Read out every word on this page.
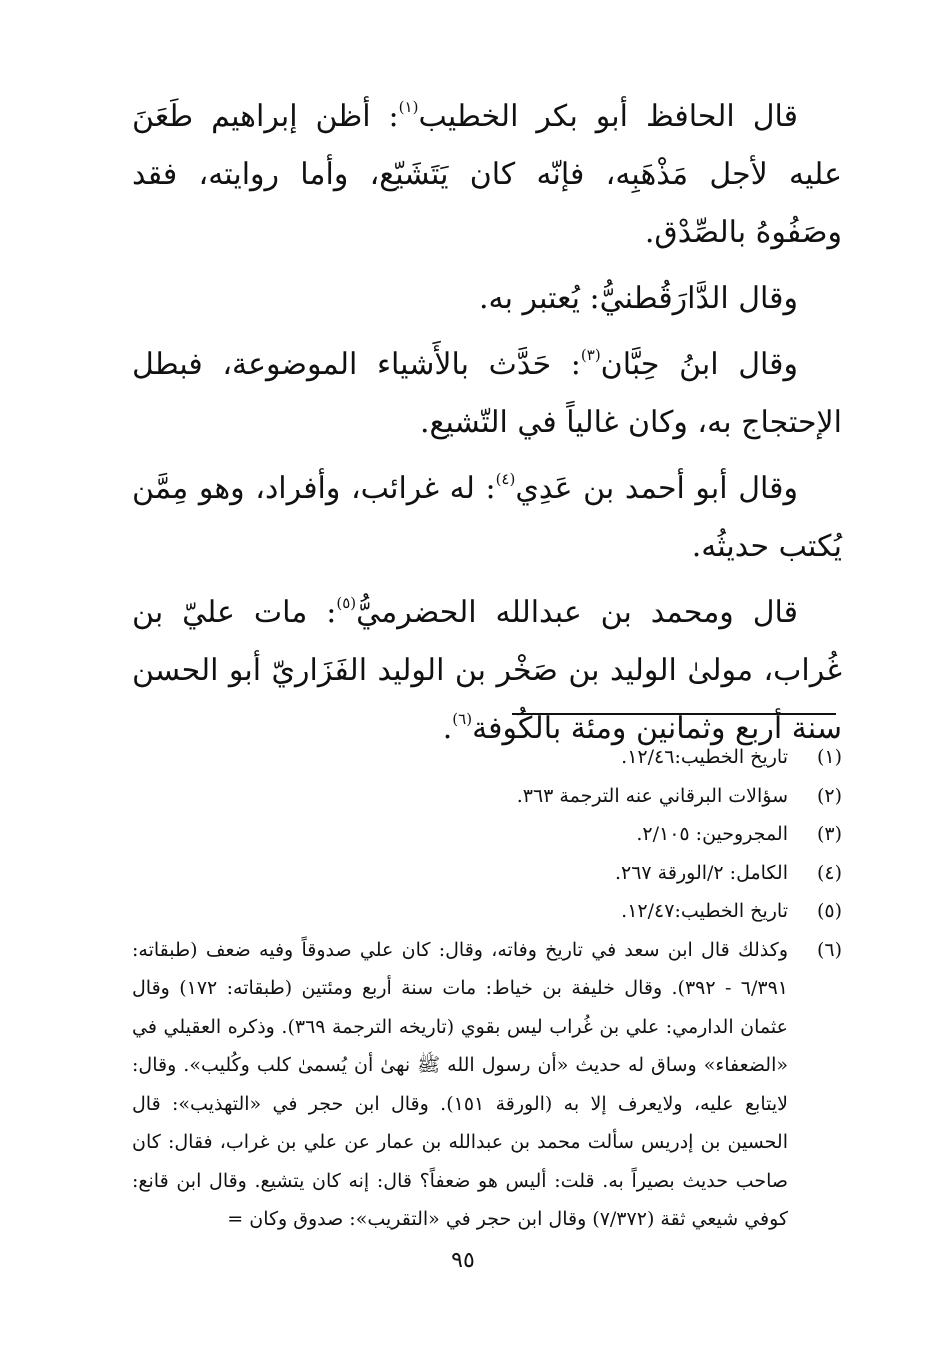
قال الحافظ أبو بكر الخطيب$^{(١)}$: أظن إبراهيم طَعَنَ عليه لأجل مَذْهَبِه، فإنّه كان يَتَشَيّع، وأما روايته، فقد وصَفُوهُ بالصِّدْق.

وقال الدَّارَقُطنيُّ: يُعتبر به.

وقال ابنُ حِبَّان$^{(٣)}$: حَدَّث بالأَشياء الموضوعة، فبطل الإحتجاج به، وكان غالياً في التّشيع.

وقال أبو أحمد بن عَدِي$^{(٤)}$: له غرائب، وأفراد، وهو مِمَّن يُكتب حديثُه.

قال ومحمد بن عبدالله الحضرميُّ$^{(٥)}$: مات عليّ بن غُراب، مولىٰ الوليد بن صَخْر بن الوليد الفَزَاريّ أبو الحسن سنة أربع وثمانين ومئة بالكُوفة$^{(٦)}$.

(١)
تاريخ الخطيب:١٢/٤٦.
(٢)
سؤالات البرقاني عنه الترجمة ٣٦٣.
(٣)
المجروحين: ٢/١٠٥.
(٤)
الكامل: ٢/الورقة ٢٦٧.
(٥)
تاريخ الخطيب:١٢/٤٧.
(٦)
وكذلك قال ابن سعد في تاريخ وفاته، وقال: كان علي صدوقاً وفيه ضعف (طبقاته: ٦/٣٩١ - ٣٩٢). وقال خليفة بن خياط: مات سنة أربع ومئتين (طبقاته: ١٧٢) وقال عثمان الدارمي: علي بن غُراب ليس بقوي (تاريخه الترجمة ٣٦٩). وذكره العقيلي في «الضعفاء» وساق له حديث «أن رسول الله ﷺ نهىٰ أن يُسمىٰ كلب وكُليب». وقال: لايتابع عليه، ولايعرف إلا به (الورقة ١٥١). وقال ابن حجر في «التهذيب»: قال الحسين بن إدريس سألت محمد بن عبدالله بن عمار عن علي بن غراب، فقال: كان صاحب حديث بصيراً به. قلت: أليس هو ضعفاً؟ قال: إنه كان يتشيع. وقال ابن قانع: كوفي شيعي ثقة (٧/٣٧٢) وقال ابن حجر في «التقريب»: صدوق وكان =
٩٥
